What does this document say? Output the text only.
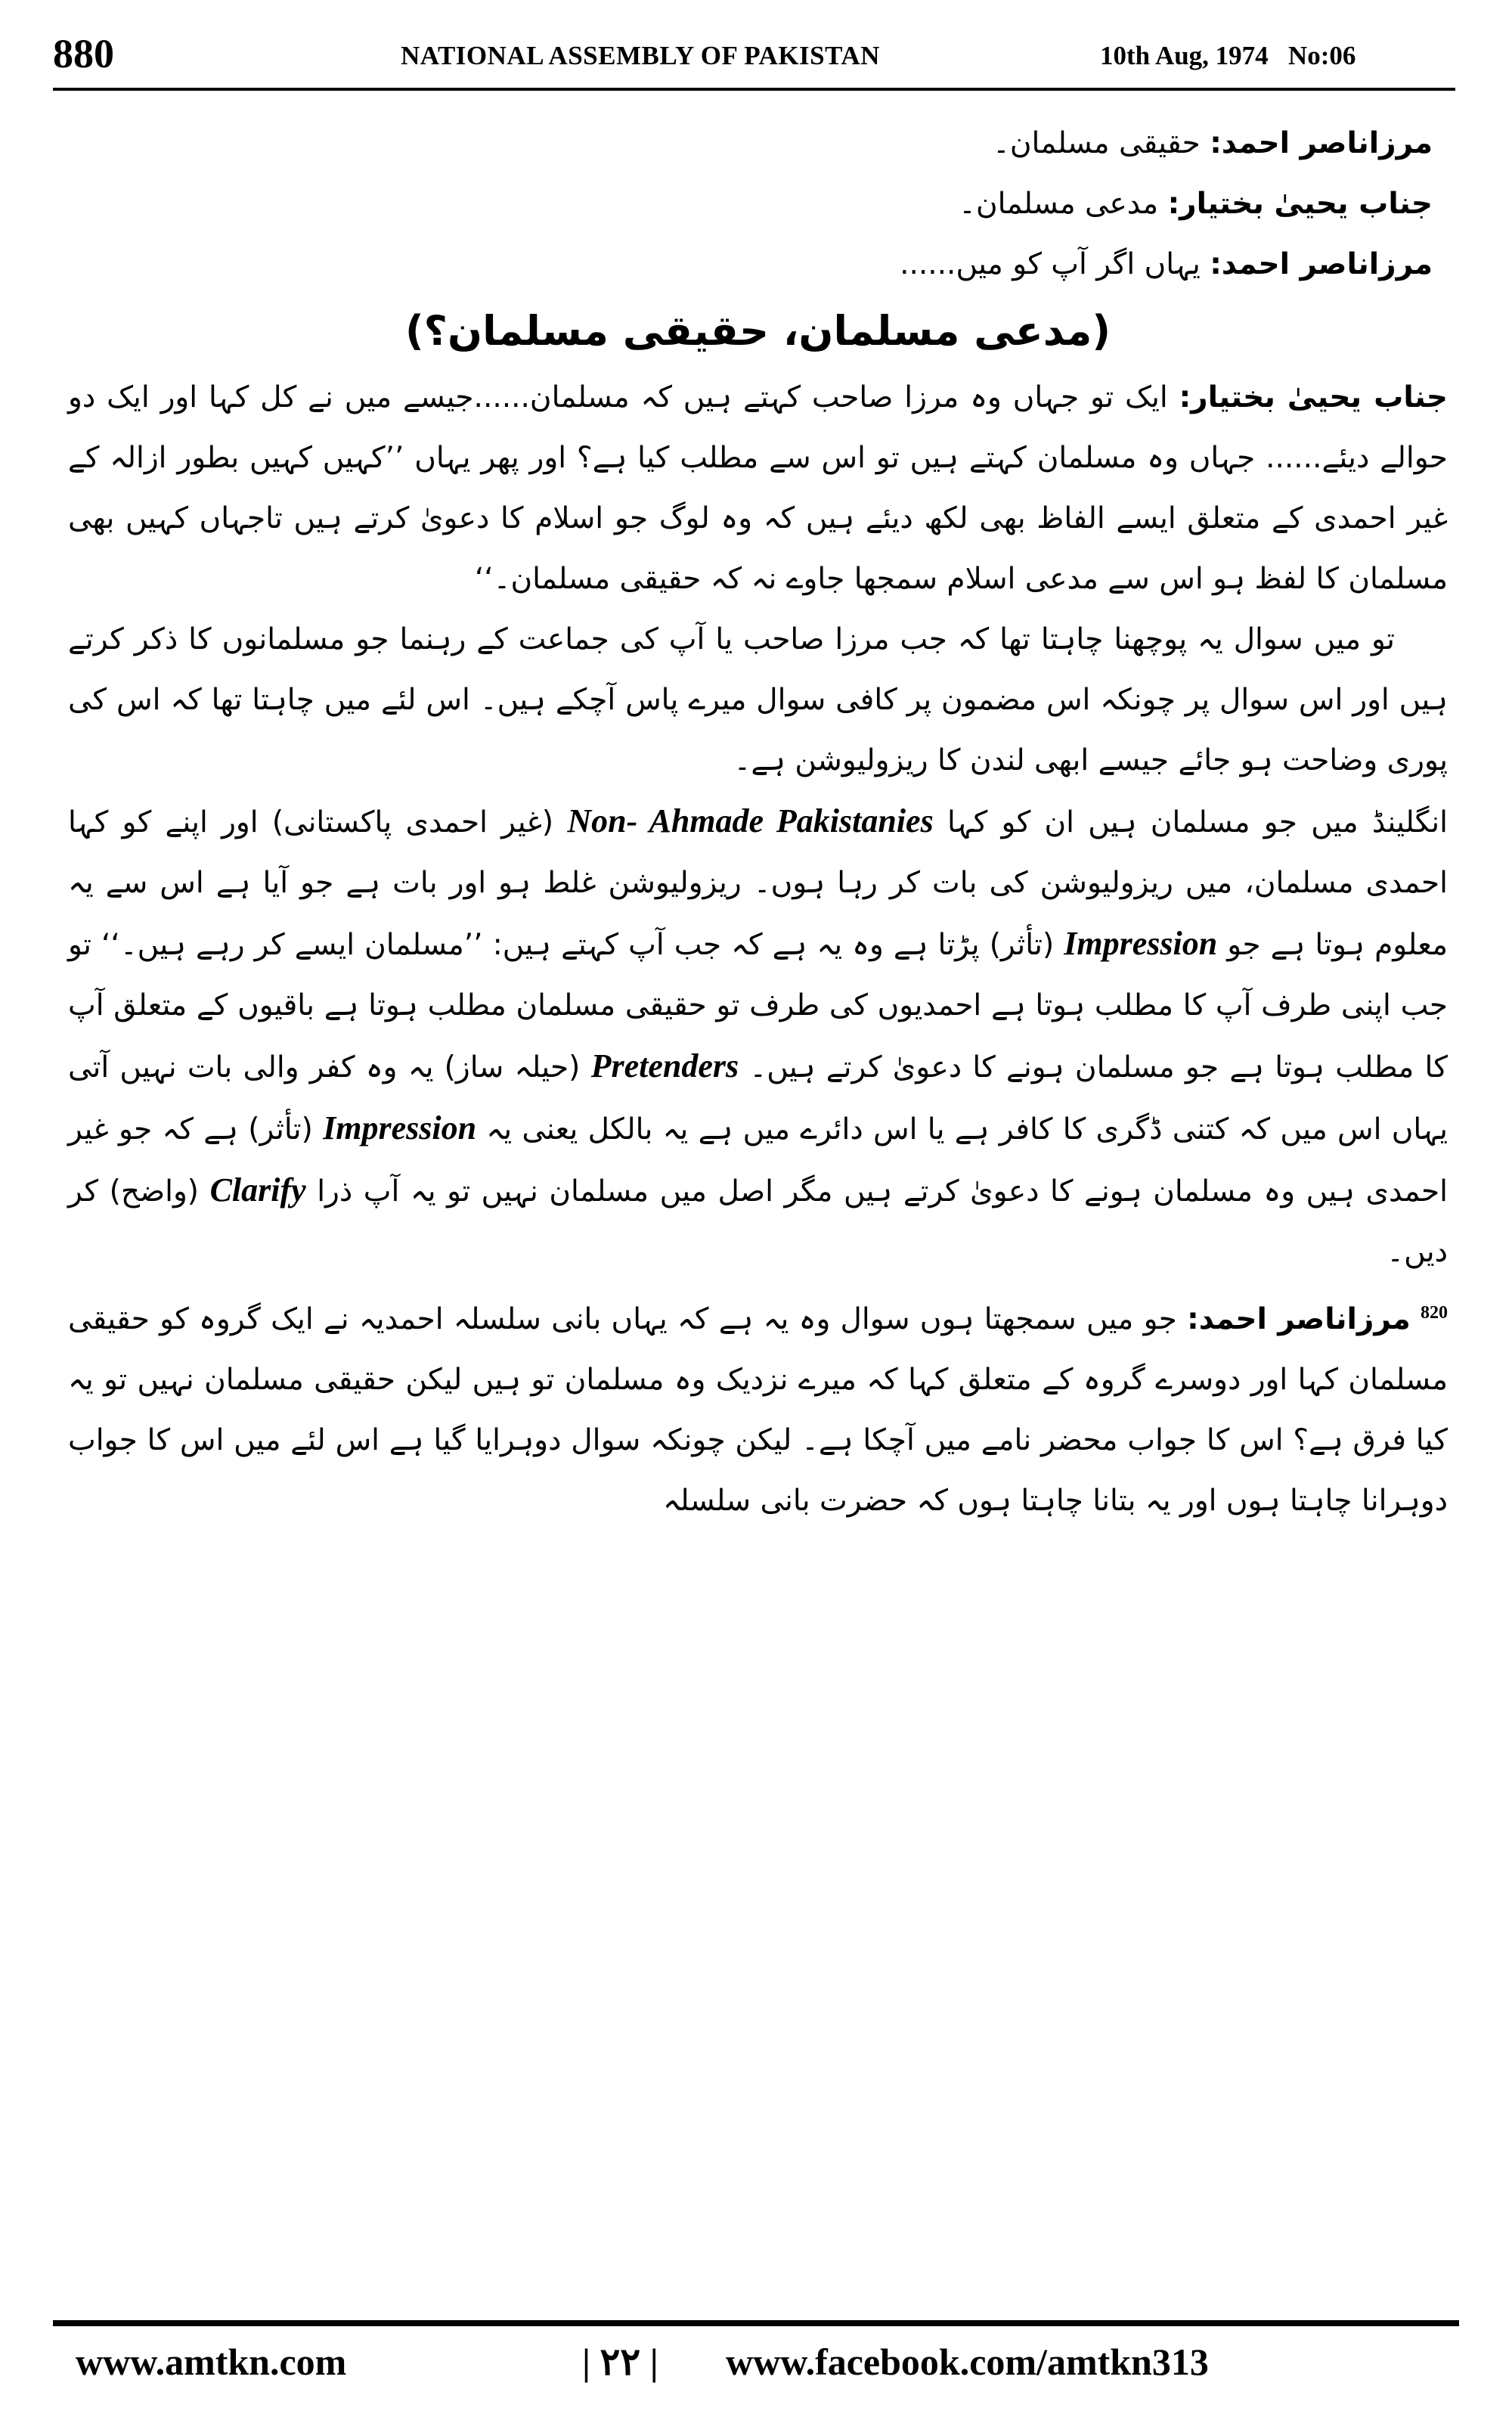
880	NATIONAL ASSEMBLY OF PAKISTAN	10th Aug, 1974   No:06

مرزاناصر احمد: حقیقی مسلمان۔

جناب یحییٰ بختیار: مدعی مسلمان۔

مرزاناصر احمد: یہاں اگر آپ کو میں......

(مدعی مسلمان، حقیقی مسلمان؟)

جناب یحییٰ بختیار: ایک تو جہاں وہ مرزا صاحب کہتے ہیں کہ مسلمان......جیسے میں نے کل کہا اور ایک دو حوالے دیئے...... جہاں وہ مسلمان کہتے ہیں تو اس سے مطلب کیا ہے؟ اور پھر یہاں ’’کہیں کہیں بطور ازالہ کے غیر احمدی کے متعلق ایسے الفاظ بھی لکھ دیئے ہیں کہ وہ لوگ جو اسلام کا دعویٰ کرتے ہیں تاجہاں کہیں بھی مسلمان کا لفظ ہو اس سے مدعی اسلام سمجھا جاوے نہ کہ حقیقی مسلمان۔‘‘

تو میں سوال یہ پوچھنا چاہتا تھا کہ جب مرزا صاحب یا آپ کی جماعت کے رہنما جو مسلمانوں کا ذکر کرتے ہیں اور اس سوال پر چونکہ اس مضمون پر کافی سوال میرے پاس آچکے ہیں۔ اس لئے میں چاہتا تھا کہ اس کی پوری وضاحت ہو جائے جیسے ابھی لندن کا ریزولیوشن ہے۔

انگلینڈ میں جو مسلمان ہیں ان کو کہا Non- Ahmade Pakistanies (غیر احمدی پاکستانی) اور اپنے کو کہا احمدی مسلمان، میں ریزولیوشن کی بات کر رہا ہوں۔ ریزولیوشن غلط ہو اور بات ہے جو آیا ہے اس سے یہ معلوم ہوتا ہے جو Impression (تأثر) پڑتا ہے وہ یہ ہے کہ جب آپ کہتے ہیں: ’’مسلمان ایسے کر رہے ہیں۔‘‘ تو جب اپنی طرف آپ کا مطلب ہوتا ہے احمدیوں کی طرف تو حقیقی مسلمان مطلب ہوتا ہے باقیوں کے متعلق آپ کا مطلب ہوتا ہے جو مسلمان ہونے کا دعویٰ کرتے ہیں۔ Pretenders (حیلہ ساز) یہ وہ کفر والی بات نہیں آتی یہاں اس میں کہ کتنی ڈگری کا کافر ہے یا اس دائرے میں ہے یہ بالکل یعنی یہ Impression (تأثر) ہے کہ جو غیر احمدی ہیں وہ مسلمان ہونے کا دعویٰ کرتے ہیں مگر اصل میں مسلمان نہیں تو یہ آپ ذرا Clarify (واضح) کر دیں۔

$^{820}$ مرزاناصر احمد: جو میں سمجھتا ہوں سوال وہ یہ ہے کہ یہاں بانی سلسلہ احمدیہ نے ایک گروہ کو حقیقی مسلمان کہا اور دوسرے گروہ کے متعلق کہا کہ میرے نزدیک وہ مسلمان تو ہیں لیکن حقیقی مسلمان نہیں تو یہ کیا فرق ہے؟ اس کا جواب محضر نامے میں آچکا ہے۔ لیکن چونکہ سوال دوہرایا گیا ہے اس لئے میں اس کا جواب دوہرانا چاہتا ہوں اور یہ بتانا چاہتا ہوں کہ حضرت بانی سلسلہ

www.amtkn.com	| ۲۲ | www.facebook.com/amtkn313
